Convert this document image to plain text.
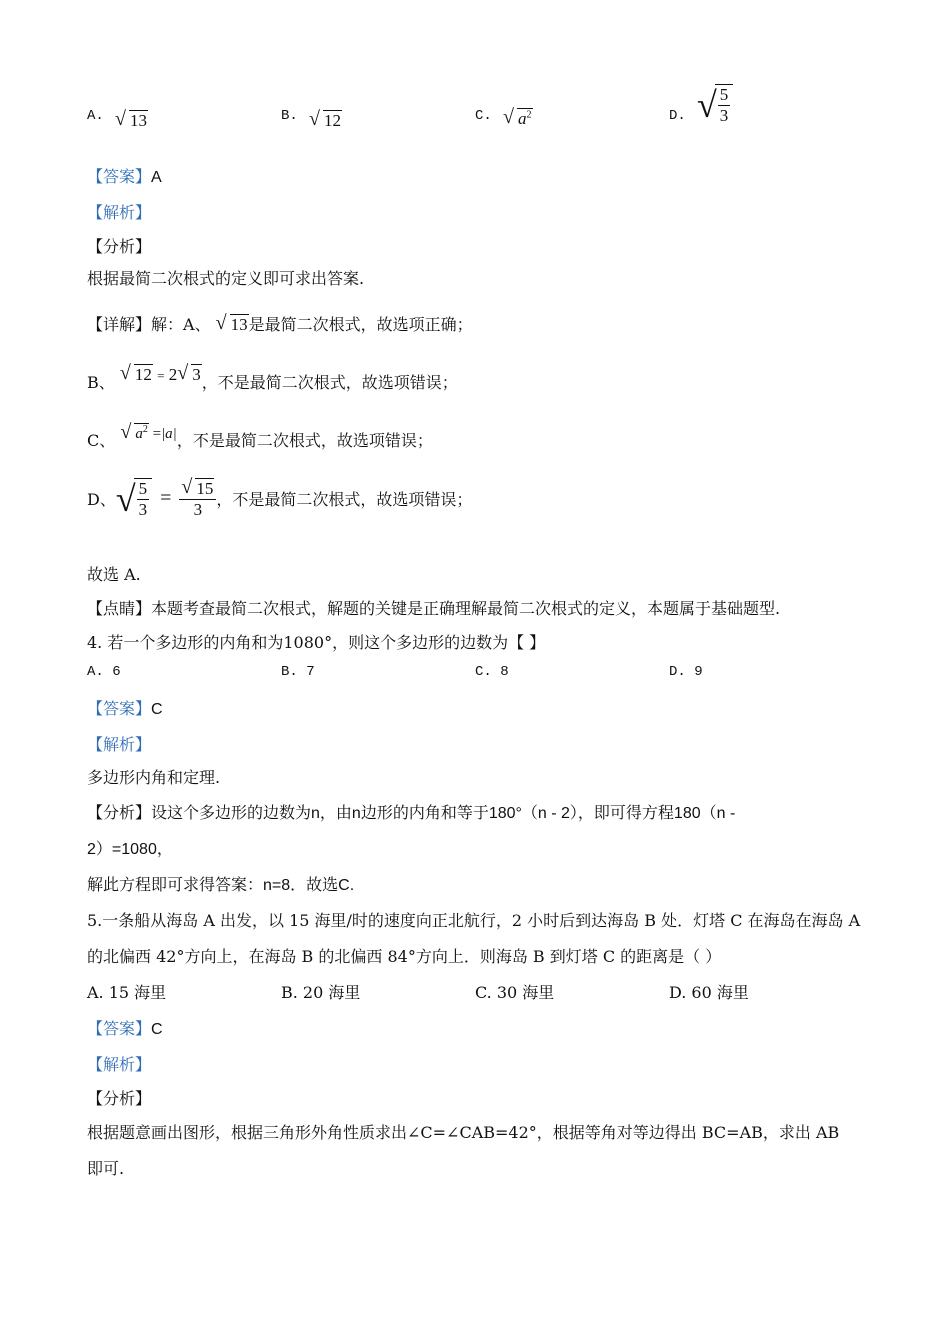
A.	√ 13	B.	√ 12	C.	√ $a^2$	D. √ $\frac{5}{3}$
【答案】A
【解析】
【分析】
根据最简二次根式的定义即可求出答案.
【详解】解：A、 √ 13是最简二次根式，故选项正确；
B、 √ 12 = 2 √ 3，不是最简二次根式，故选项错误；
C、 √ $a^2 =|a|$，不是最简二次根式，故选项错误；
D、 √ $\frac{5}{3}$ = √ $\frac{15}{3}$ ，不是最简二次根式，故选项错误；
故选 A.
【点睛】本题考查最简二次根式，解题的关键是正确理解最简二次根式的定义，本题属于基础题型.
4. 若一个多边形的内角和为1080°，则这个多边形的边数为【 】
A. 6	B. 7	C. 8	D. 9
【答案】C
【解析】
多边形内角和定理.
【分析】设这个多边形的边数为n，由n边形的内角和等于180°（n - 2），即可得方程180（n -
2）=1080，
解此方程即可求得答案：n=8．故选C.
5.一条船从海岛 A 出发，以 15 海里/时的速度向正北航行，2 小时后到达海岛 B 处．灯塔 C 在海岛在海岛 A
的北偏西 42°方向上，在海岛 B 的北偏西 84°方向上．则海岛 B 到灯塔 C 的距离是（ ）
A. 15 海里	B. 20 海里	C. 30 海里	D. 60 海里
【答案】C
【解析】
【分析】
根据题意画出图形，根据三角形外角性质求出∠C=∠CAB=42°，根据等角对等边得出 BC=AB，求出 AB
即可.
